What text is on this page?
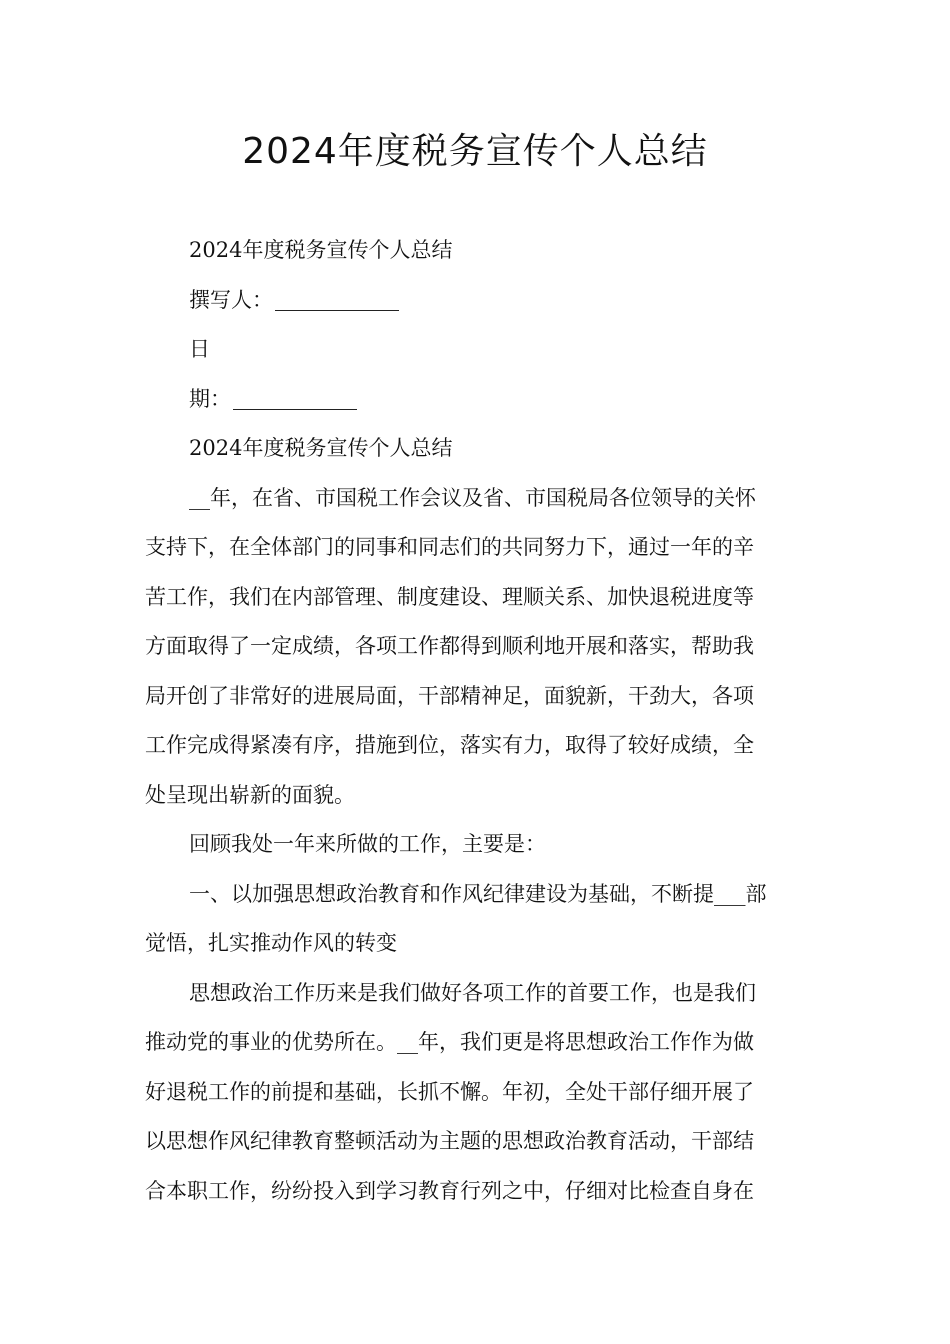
2024年度税务宣传个人总结
2024年度税务宣传个人总结
撰写人：
日
期：
2024年度税务宣传个人总结
__年，在省、市国税工作会议及省、市国税局各位领导的关怀
支持下，在全体部门的同事和同志们的共同努力下，通过一年的辛
苦工作，我们在内部管理、制度建设、理顺关系、加快退税进度等
方面取得了一定成绩，各项工作都得到顺利地开展和落实，帮助我
局开创了非常好的进展局面，干部精神足，面貌新，干劲大，各项
工作完成得紧凑有序，措施到位，落实有力，取得了较好成绩，全
处呈现出崭新的面貌。
回顾我处一年来所做的工作，主要是：
一、以加强思想政治教育和作风纪律建设为基础，不断提___部
觉悟，扎实推动作风的转变
思想政治工作历来是我们做好各项工作的首要工作，也是我们
推动党的事业的优势所在。__年，我们更是将思想政治工作作为做
好退税工作的前提和基础，长抓不懈。年初，全处干部仔细开展了
以思想作风纪律教育整顿活动为主题的思想政治教育活动，干部结
合本职工作，纷纷投入到学习教育行列之中，仔细对比检查自身在
